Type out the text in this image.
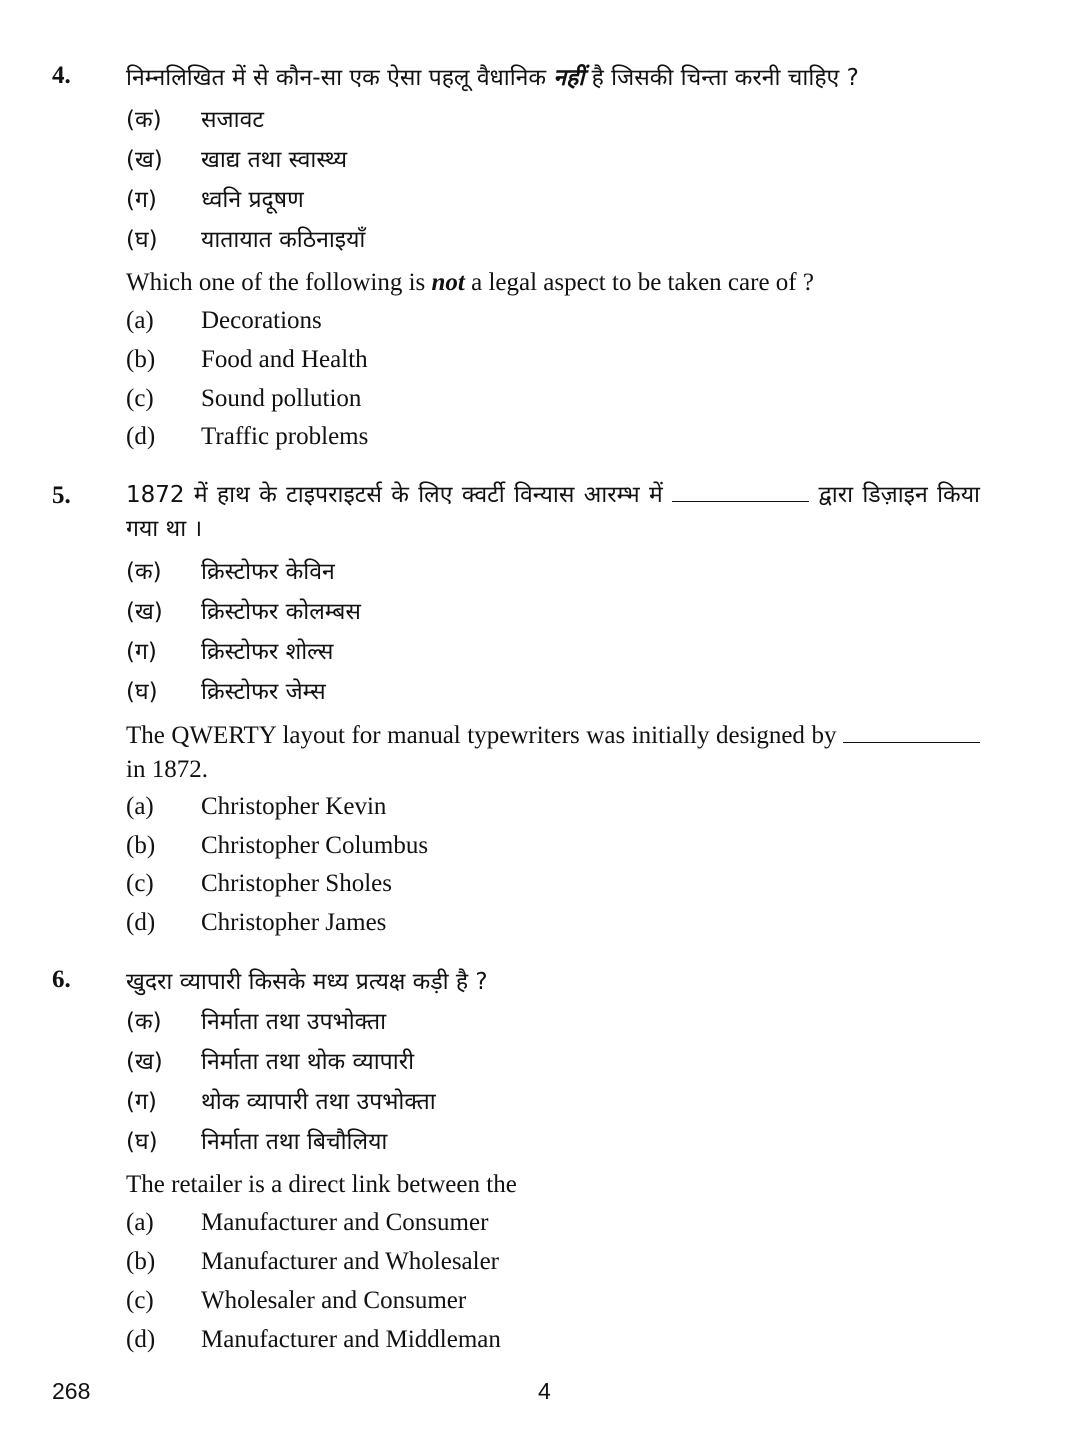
4. निम्नलिखित में से कौन-सा एक ऐसा पहलू वैधानिक नहीं है जिसकी चिन्ता करनी चाहिए ?
(क) सजावट
(ख) खाद्य तथा स्वास्थ्य
(ग) ध्वनि प्रदूषण
(घ) यातायात कठिनाइयाँ
Which one of the following is not a legal aspect to be taken care of ?
(a) Decorations
(b) Food and Health
(c) Sound pollution
(d) Traffic problems
5. 1872 में हाथ के टाइपराइटर्स के लिए क्वर्टी विन्यास आरम्भ में	द्वारा डिज़ाइन किया गया था ।
(क) क्रिस्टोफर केविन
(ख) क्रिस्टोफर कोलम्बस
(ग) क्रिस्टोफर शोल्स
(घ) क्रिस्टोफर जेम्स
The QWERTY layout for manual typewriters was initially designed by  in 1872.
(a) Christopher Kevin
(b) Christopher Columbus
(c) Christopher Sholes
(d) Christopher James
6. खुदरा व्यापारी किसके मध्य प्रत्यक्ष कड़ी है ?
(क) निर्माता तथा उपभोक्ता
(ख) निर्माता तथा थोक व्यापारी
(ग) थोक व्यापारी तथा उपभोक्ता
(घ) निर्माता तथा बिचौलिया
The retailer is a direct link between the
(a) Manufacturer and Consumer
(b) Manufacturer and Wholesaler
(c) Wholesaler and Consumer
(d) Manufacturer and Middleman
268	4
